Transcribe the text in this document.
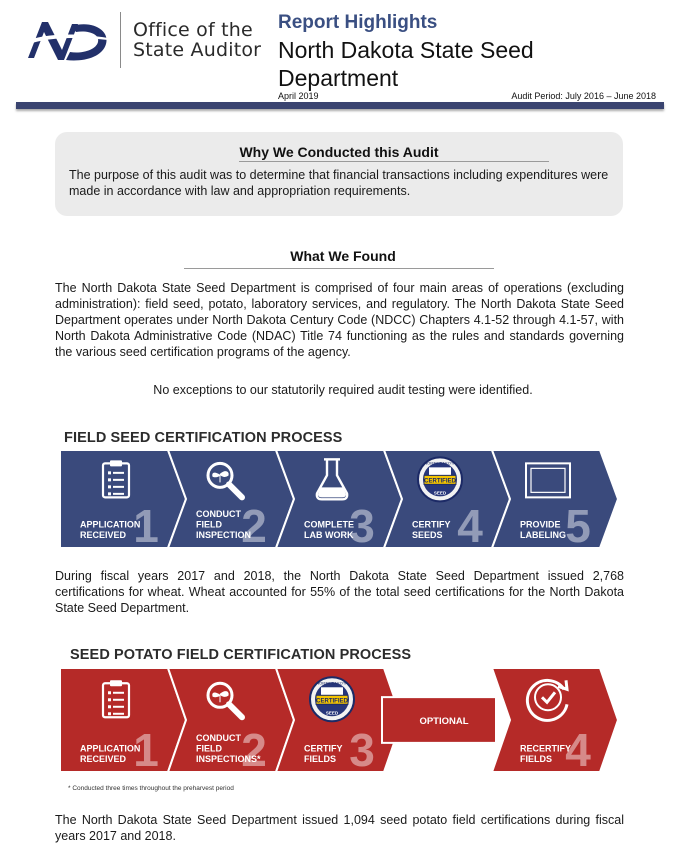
Office of the
State Auditor
Report Highlights
North Dakota State Seed Department
April 2019	Audit Period: July 2016 – June 2018
Why We Conducted this Audit
The purpose of this audit was to determine that financial transactions including expenditures were made in accordance with law and appropriation requirements.
What We Found
The North Dakota State Seed Department is comprised of four main areas of operations (excluding administration): field seed, potato, laboratory services, and regulatory. The North Dakota State Seed Department operates under North Dakota Century Code (NDCC) Chapters 4.1-52 through 4.1-57, with North Dakota Administrative Code (NDAC) Title 74 functioning as the rules and standards governing the various seed certification programs of the agency.
No exceptions to our statutorily required audit testing were identified.
FIELD SEED CERTIFICATION PROCESS
1
APPLICATION
RECEIVED	2
CONDUCT
FIELD
INSPECTION 3
COMPLETE
LAB WORK
CERTIFIED
NORTH DAKOTA
SEED
4
CERTIFY
SEEDS	5
PROVIDE
LABELING
During fiscal years 2017 and 2018, the North Dakota State Seed Department issued 2,768 certifications for wheat. Wheat accounted for 55% of the total seed certifications for the North Dakota State Seed Department.
SEED POTATO FIELD CERTIFICATION PROCESS
1
APPLICATION
RECEIVED	2
CONDUCT
FIELD
INSPECTIONS*
CERTIFIED
NORTH DAKOTA
SEED
3
CERTIFY
FIELDS
OPTIONAL
4
RECERTIFY
FIELDS
* Conducted three times throughout the preharvest period
The North Dakota State Seed Department issued 1,094 seed potato field certifications during fiscal years 2017 and 2018.
